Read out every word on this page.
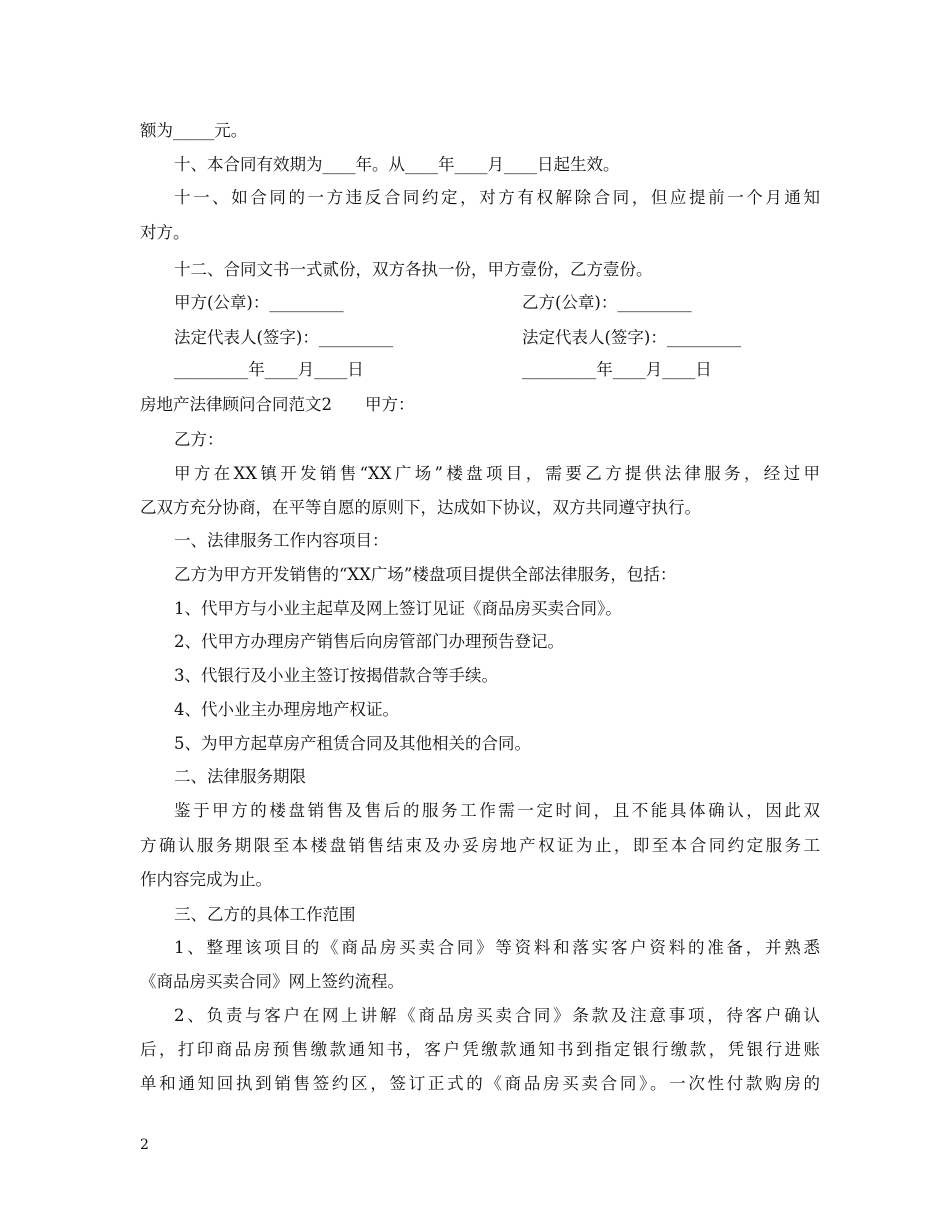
额为_____元。
十、本合同有效期为____年。从____年____月____日起生效。
十一、如合同的一方违反合同约定，对方有权解除合同，但应提前一个月通知
对方。
十二、合同文书一式贰份，双方各执一份，甲方壹份，乙方壹份。
甲方(公章)：_________	乙方(公章)：_________
法定代表人(签字)：_________	法定代表人(签字)：_________
_________年____月____日	_________年____月____日
房地产法律顾问合同范文2　　甲方：
乙方：
甲方在XX镇开发销售“XX广场”楼盘项目，需要乙方提供法律服务，经过甲
乙双方充分协商，在平等自愿的原则下，达成如下协议，双方共同遵守执行。
一、法律服务工作内容项目：
乙方为甲方开发销售的“XX广场”楼盘项目提供全部法律服务，包括：
1、代甲方与小业主起草及网上签订见证《商品房买卖合同》。
2、代甲方办理房产销售后向房管部门办理预告登记。
3、代银行及小业主签订按揭借款合等手续。
4、代小业主办理房地产权证。
5、为甲方起草房产租赁合同及其他相关的合同。
二、法律服务期限
鉴于甲方的楼盘销售及售后的服务工作需一定时间，且不能具体确认，因此双
方确认服务期限至本楼盘销售结束及办妥房地产权证为止，即至本合同约定服务工
作内容完成为止。
三、乙方的具体工作范围
1、整理该项目的《商品房买卖合同》等资料和落实客户资料的准备，并熟悉
《商品房买卖合同》网上签约流程。
2、负责与客户在网上讲解《商品房买卖合同》条款及注意事项，待客户确认
后，打印商品房预售缴款通知书，客户凭缴款通知书到指定银行缴款，凭银行进账
单和通知回执到销售签约区，签订正式的《商品房买卖合同》。一次性付款购房的
2
